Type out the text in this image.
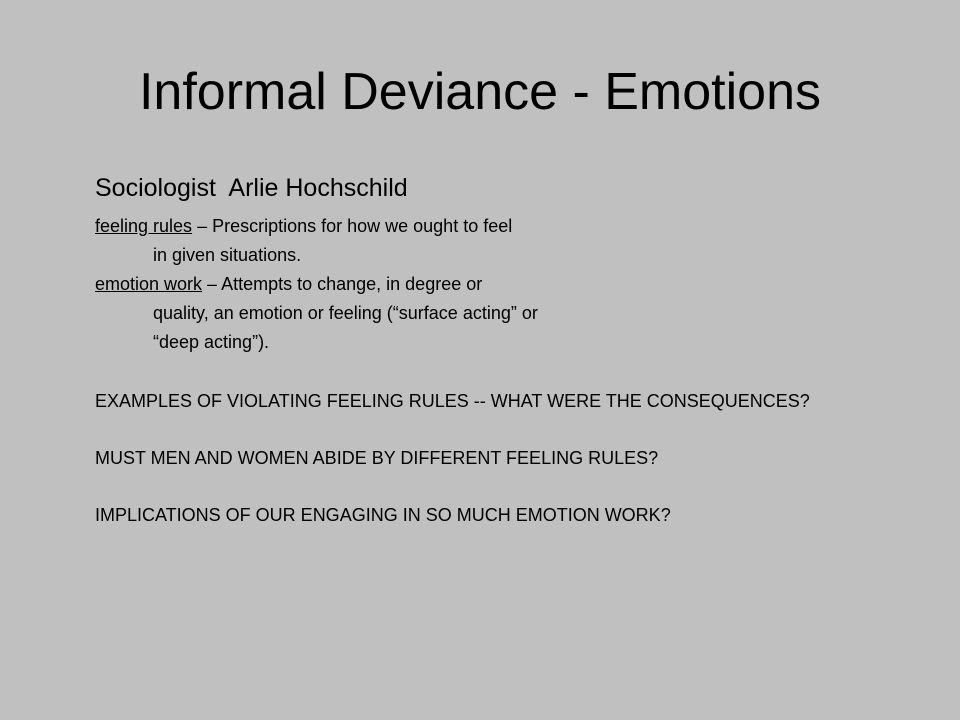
Informal Deviance - Emotions
Sociologist  Arlie Hochschild
feeling rules – Prescriptions for how we ought to feel
in given situations.
emotion work – Attempts to change, in degree or
quality, an emotion or feeling (“surface acting” or
“deep acting”).
EXAMPLES OF VIOLATING FEELING RULES -- WHAT WERE THE CONSEQUENCES?
MUST MEN AND WOMEN ABIDE BY DIFFERENT FEELING RULES?
IMPLICATIONS OF OUR ENGAGING IN SO MUCH EMOTION WORK?
